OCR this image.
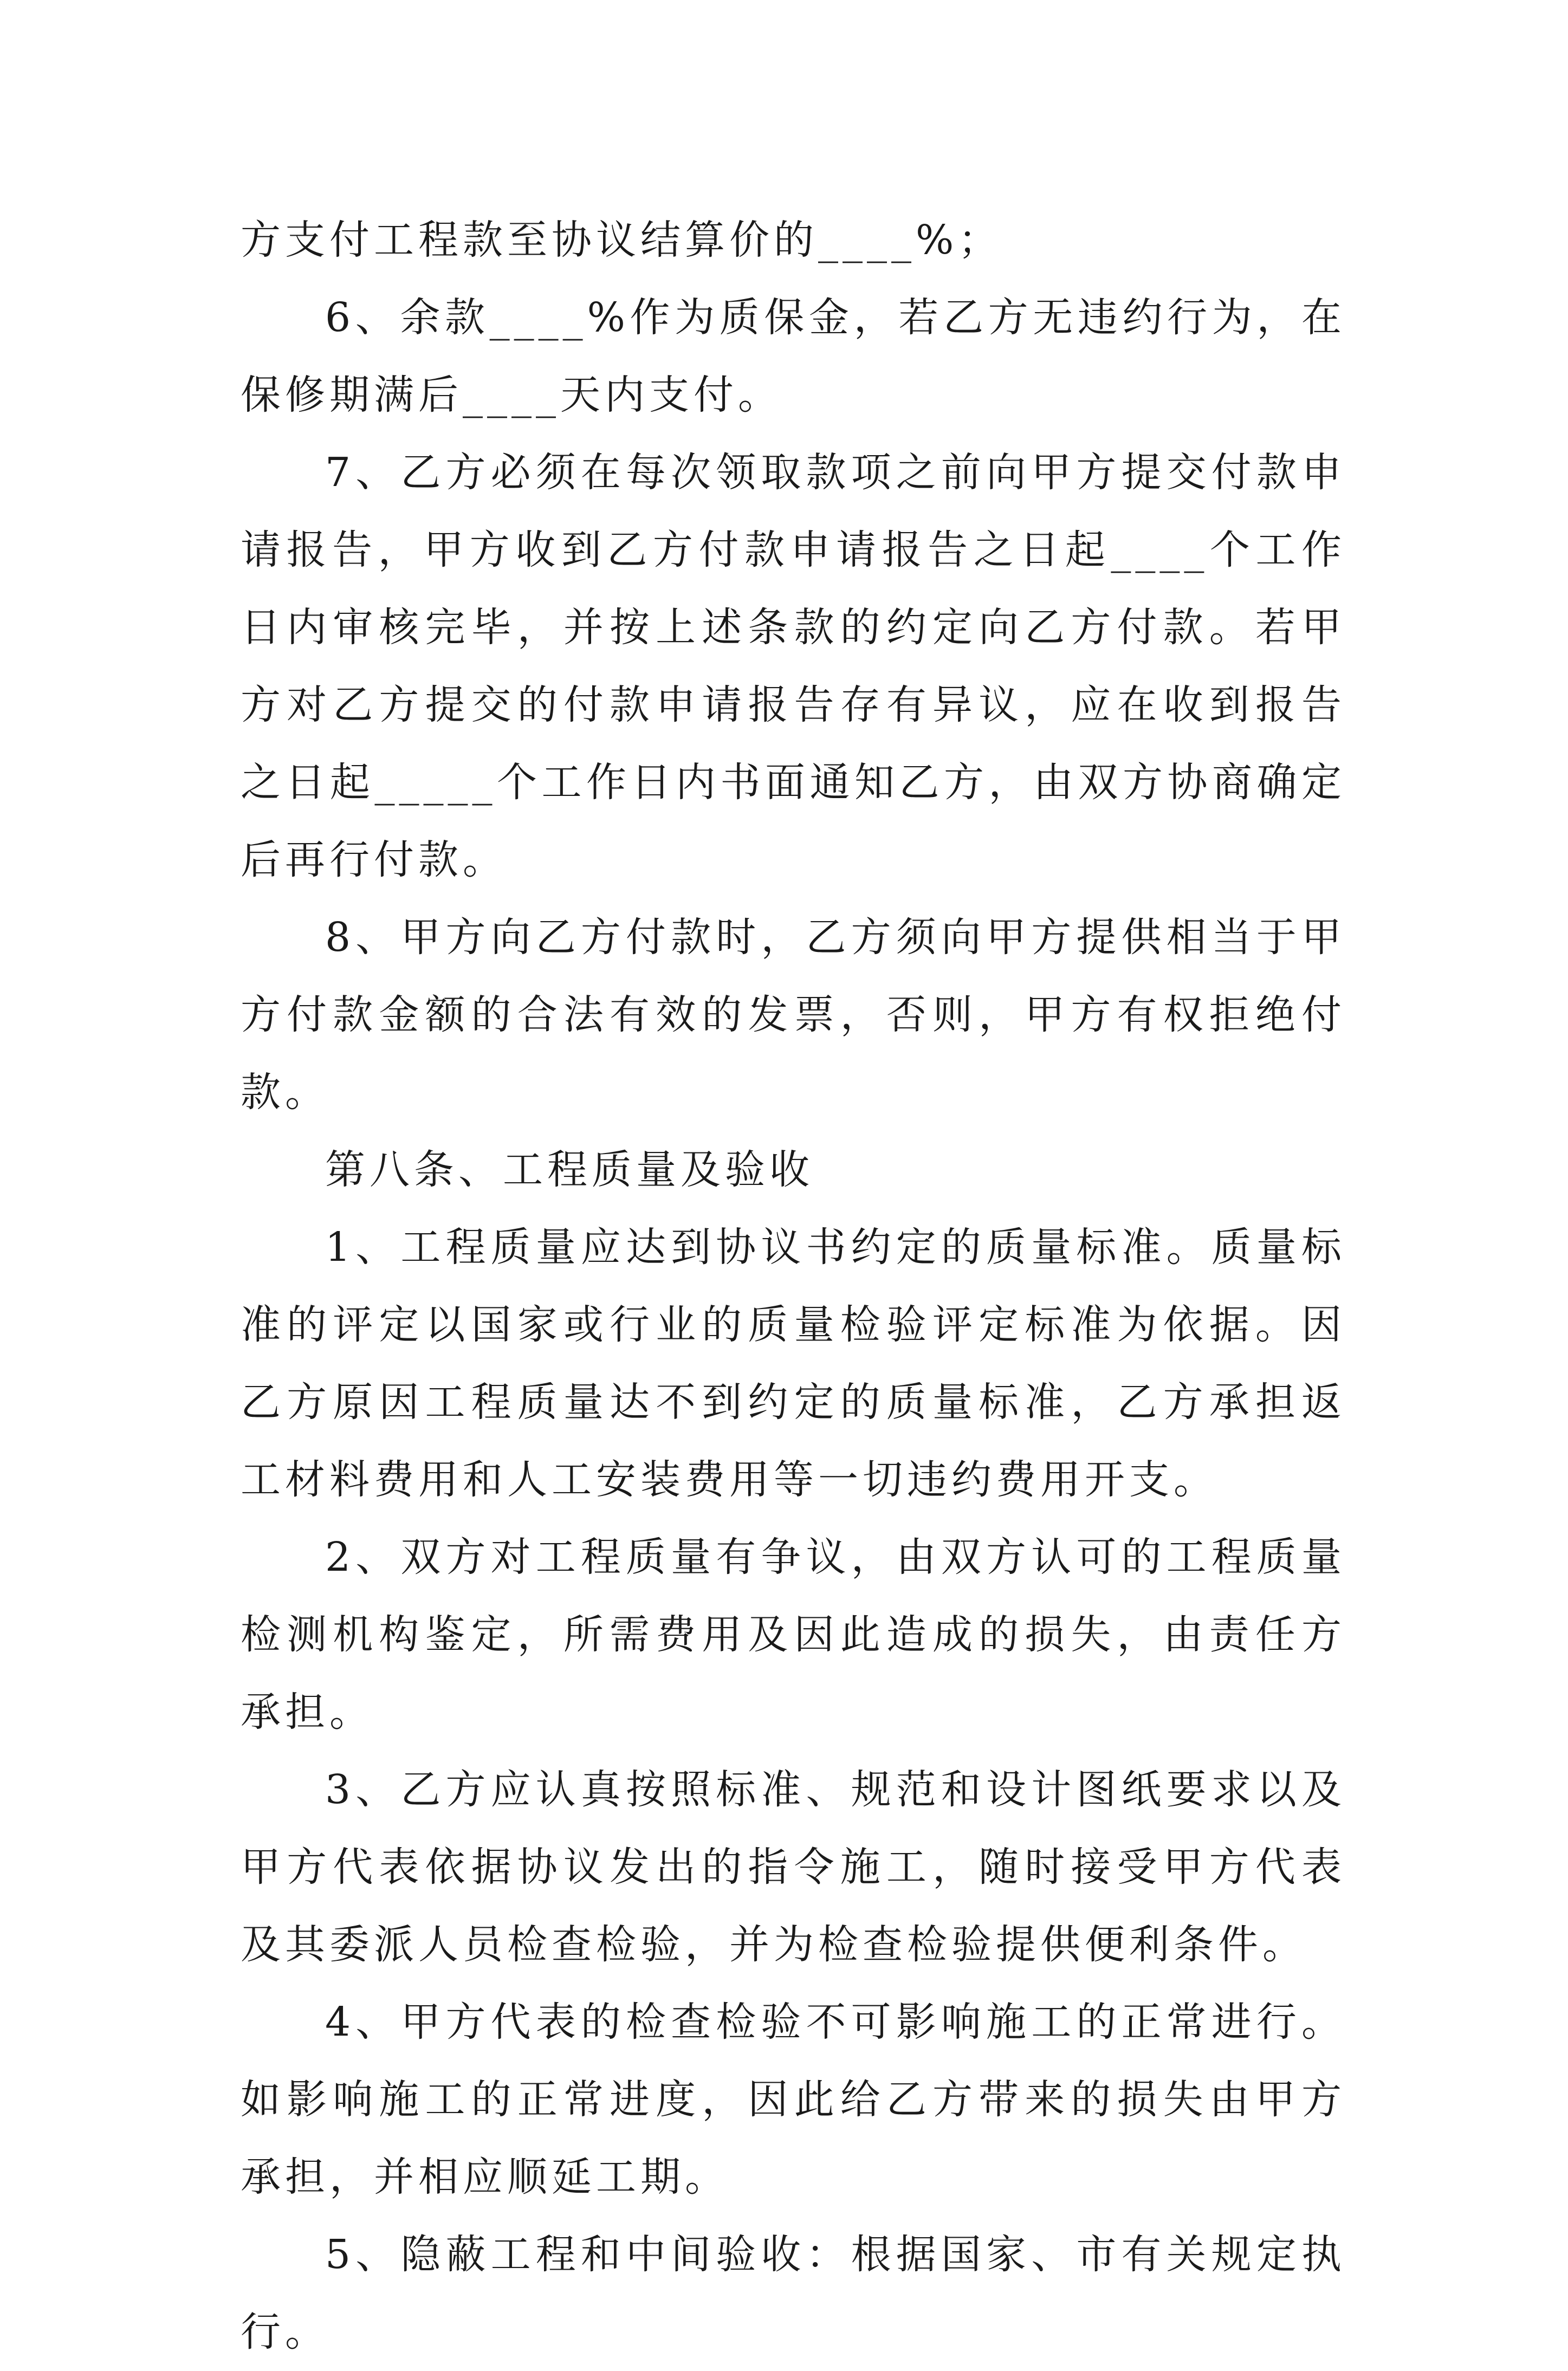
方支付工程款至协议结算价的____%；

6、余款____%作为质保金，若乙方无违约行为，在保修期满后____天内支付。

7、乙方必须在每次领取款项之前向甲方提交付款申请报告，甲方收到乙方付款申请报告之日起____个工作日内审核完毕，并按上述条款的约定向乙方付款。若甲方对乙方提交的付款申请报告存有异议，应在收到报告之日起_____个工作日内书面通知乙方，由双方协商确定后再行付款。

8、甲方向乙方付款时，乙方须向甲方提供相当于甲方付款金额的合法有效的发票，否则，甲方有权拒绝付款。

第八条、工程质量及验收

1、工程质量应达到协议书约定的质量标准。质量标准的评定以国家或行业的质量检验评定标准为依据。因乙方原因工程质量达不到约定的质量标准，乙方承担返工材料费用和人工安装费用等一切违约费用开支。

2、双方对工程质量有争议，由双方认可的工程质量检测机构鉴定，所需费用及因此造成的损失，由责任方承担。

3、乙方应认真按照标准、规范和设计图纸要求以及甲方代表依据协议发出的指令施工，随时接受甲方代表及其委派人员检查检验，并为检查检验提供便利条件。

4、甲方代表的检查检验不可影响施工的正常进行。如影响施工的正常进度，因此给乙方带来的损失由甲方承担，并相应顺延工期。

5、隐蔽工程和中间验收：根据国家、市有关规定执行。
